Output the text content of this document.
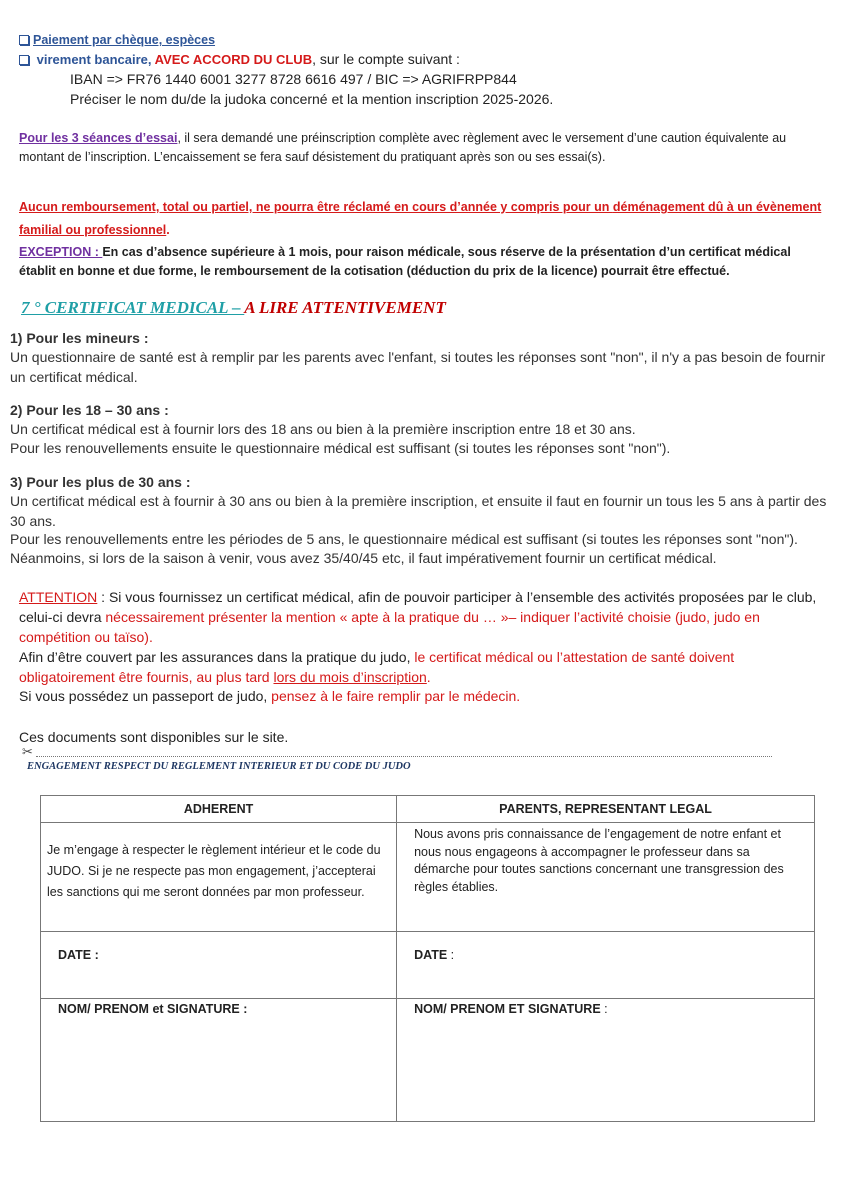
Paiement par chèque, espèces
virement bancaire, AVEC ACCORD DU CLUB, sur le compte suivant :
IBAN => FR76 1440 6001 3277 8728 6616 497 / BIC => AGRIFRPP844
Préciser le nom du/de la judoka concerné et la mention inscription 2025-2026.
Pour les 3 séances d’essai, il sera demandé une préinscription complète avec règlement avec le versement d’une caution équivalente au montant de l’inscription. L’encaissement se fera sauf désistement du pratiquant après son ou ses essai(s).
Aucun remboursement, total ou partiel, ne pourra être réclamé en cours d’année y compris pour un déménagement dû à un évènement familial ou professionnel.
EXCEPTION : En cas d’absence supérieure à 1 mois, pour raison médicale, sous réserve de la présentation d’un certificat médical établit en bonne et due forme, le remboursement de la cotisation (déduction du prix de la licence) pourrait être effectué.
7 ° CERTIFICAT MEDICAL – A LIRE ATTENTIVEMENT
1) Pour les mineurs :
Un questionnaire de santé est à remplir par les parents avec l'enfant, si toutes les réponses sont "non", il n'y a pas besoin de fournir un certificat médical.
2) Pour les 18 – 30 ans :
Un certificat médical est à fournir lors des 18 ans ou bien à la première inscription entre 18 et 30 ans.
Pour les renouvellements ensuite le questionnaire médical est suffisant (si toutes les réponses sont "non").
3) Pour les plus de 30 ans :
Un certificat médical est à fournir à 30 ans ou bien à la première inscription, et ensuite il faut en fournir un tous les 5 ans à partir des 30 ans.
Pour les renouvellements entre les périodes de 5 ans, le questionnaire médical est suffisant (si toutes les réponses sont "non").
Néanmoins, si lors de la saison à venir, vous avez 35/40/45 etc, il faut impérativement fournir un certificat médical.
ATTENTION : Si vous fournissez un certificat médical, afin de pouvoir participer à l’ensemble des activités proposées par le club, celui-ci devra nécessairement présenter la mention « apte à la pratique du … »– indiquer l’activité choisie (judo, judo en compétition ou taïso).
Afin d’être couvert par les assurances dans la pratique du judo, le certificat médical ou l’attestation de santé doivent obligatoirement être fournis, au plus tard lors du mois d’inscription.
Si vous possédez un passeport de judo, pensez à le faire remplir par le médecin.
Ces documents sont disponibles sur le site.
✂
ENGAGEMENT RESPECT DU REGLEMENT INTERIEUR ET DU CODE DU JUDO
ADHERENT	PARENTS, REPRESENTANT LEGAL

Je m’engage à respecter le règlement intérieur et le code du JUDO. Si je ne respecte pas mon engagement, j’accepterai les sanctions qui me seront données par mon professeur.	Nous avons pris connaissance de l’engagement de notre enfant et nous nous engageons à accompagner le professeur dans sa démarche pour toutes sanctions concernant une transgression des règles établies.

DATE :	DATE :

NOM/ PRENOM et SIGNATURE :	NOM/ PRENOM ET SIGNATURE :
